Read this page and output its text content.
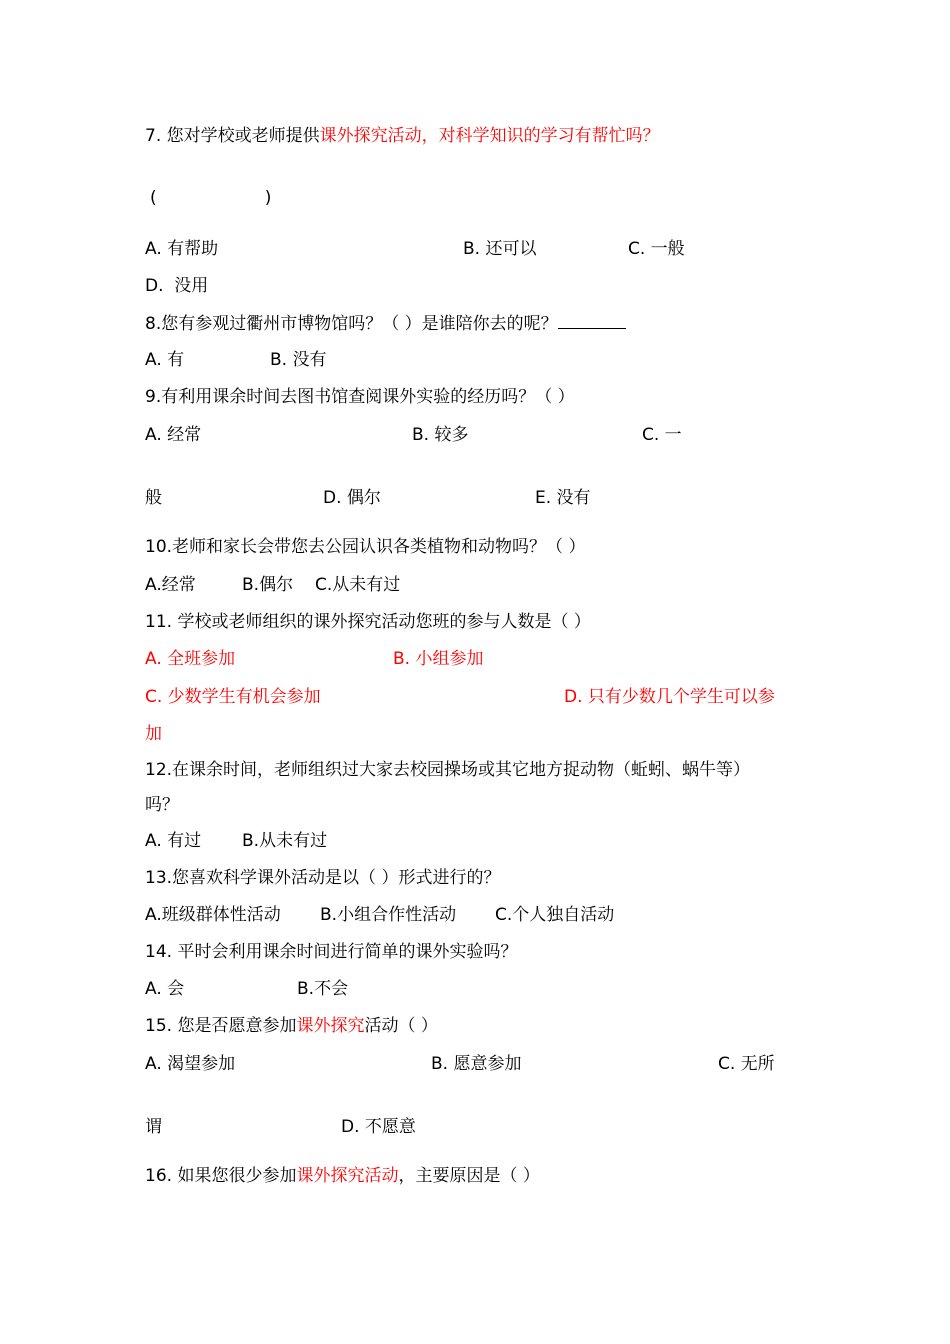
7. 您对学校或老师提供课外探究活动，对科学知识的学习有帮忙吗？

(                    )

A. 有帮助	B. 还可以	C. 一般

D.  没用

8.您有参观过衢州市博物馆吗？（ ）是谁陪你去的呢？

A. 有	B. 没有

9.有利用课余时间去图书馆查阅课外实验的经历吗？（ ）

A. 经常	B. 较多	C. 一

般	D. 偶尔	E. 没有

10.老师和家长会带您去公园认识各类植物和动物吗？（ ）

A.经常	B.偶尔 C.从未有过

11. 学校或老师组织的课外探究活动您班的参与人数是（ ）

A. 全班参加	B. 小组参加

C. 少数学生有机会参加	D. 只有少数几个学生可以参

加

12.在课余时间，老师组织过大家去校园操场或其它地方捉动物（蚯蚓、蜗牛等）

吗？

A. 有过 B.从未有过

13.您喜欢科学课外活动是以（ ）形式进行的？

A.班级群体性活动 B.小组合作性活动 C.个人独自活动

14. 平时会利用课余时间进行简单的课外实验吗？

A. 会	B.不会

15. 您是否愿意参加课外探究活动（ ）

A. 渴望参加	B. 愿意参加	C. 无所

谓	D. 不愿意

16. 如果您很少参加课外探究活动，主要原因是（ ）
